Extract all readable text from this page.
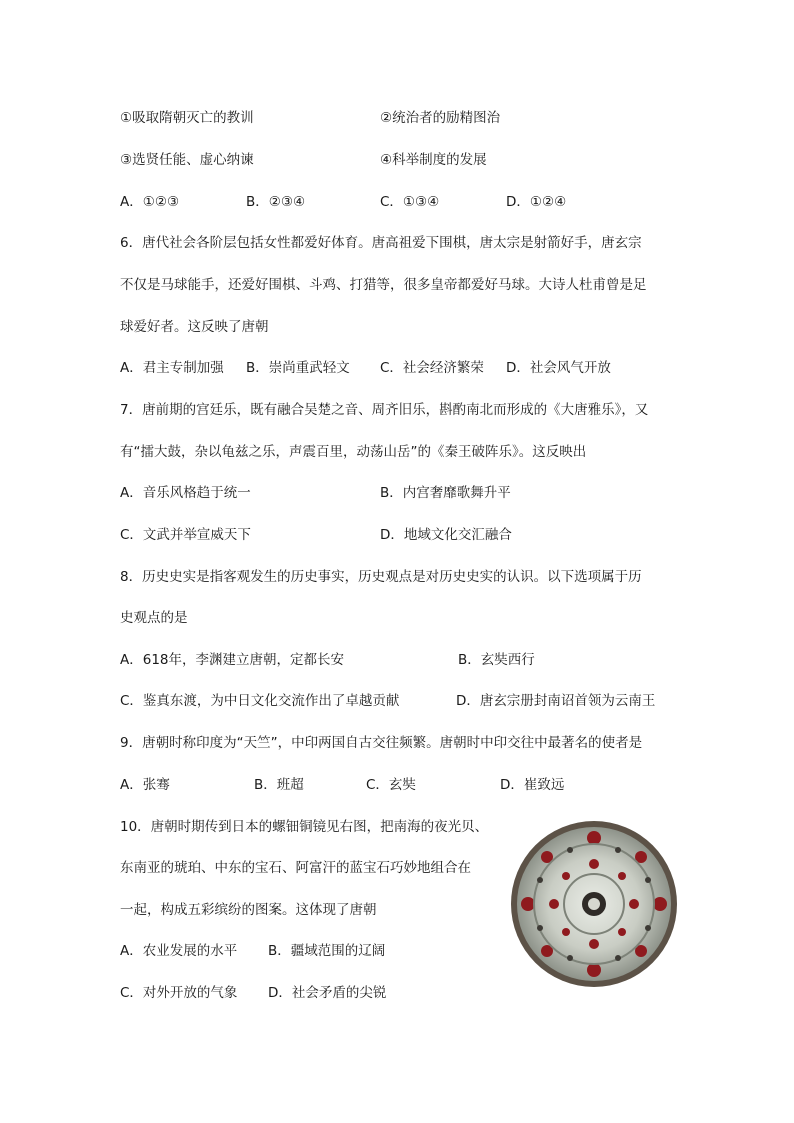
①吸取隋朝灭亡的教训	②统治者的励精图治
③选贤任能、虚心纳谏	④科举制度的发展
A．①②③	B．②③④	C．①③④	D．①②④
6．唐代社会各阶层包括女性都爱好体育。唐高祖爱下围棋，唐太宗是射箭好手，唐玄宗
不仅是马球能手，还爱好围棋、斗鸡、打猎等，很多皇帝都爱好马球。大诗人杜甫曾是足
球爱好者。这反映了唐朝
A．君主专制加强 B．崇尚重武轻文 C．社会经济繁荣 D．社会风气开放
7．唐前期的宫廷乐，既有融合吴楚之音、周齐旧乐，斟酌南北而形成的《大唐雅乐》，又
有“擂大鼓，杂以龟兹之乐，声震百里，动荡山岳”的《秦王破阵乐》。这反映出
A．音乐风格趋于统一	B．内宫奢靡歌舞升平
C．文武并举宣威天下	D．地域文化交汇融合
8．历史史实是指客观发生的历史事实，历史观点是对历史史实的认识。以下选项属于历
史观点的是
A．618年，李渊建立唐朝，定都长安	B．玄奘西行
C．鉴真东渡，为中日文化交流作出了卓越贡献	D．唐玄宗册封南诏首领为云南王
9．唐朝时称印度为“天竺”，中印两国自古交往频繁。唐朝时中印交往中最著名的使者是
A．张骞	B．班超	C．玄奘	D．崔致远
10．唐朝时期传到日本的螺钿铜镜见右图，把南海的夜光贝、
东南亚的琥珀、中东的宝石、阿富汗的蓝宝石巧妙地组合在
一起，构成五彩缤纷的图案。这体现了唐朝
A．农业发展的水平 B．疆域范围的辽阔
C．对外开放的气象 D．社会矛盾的尖锐
